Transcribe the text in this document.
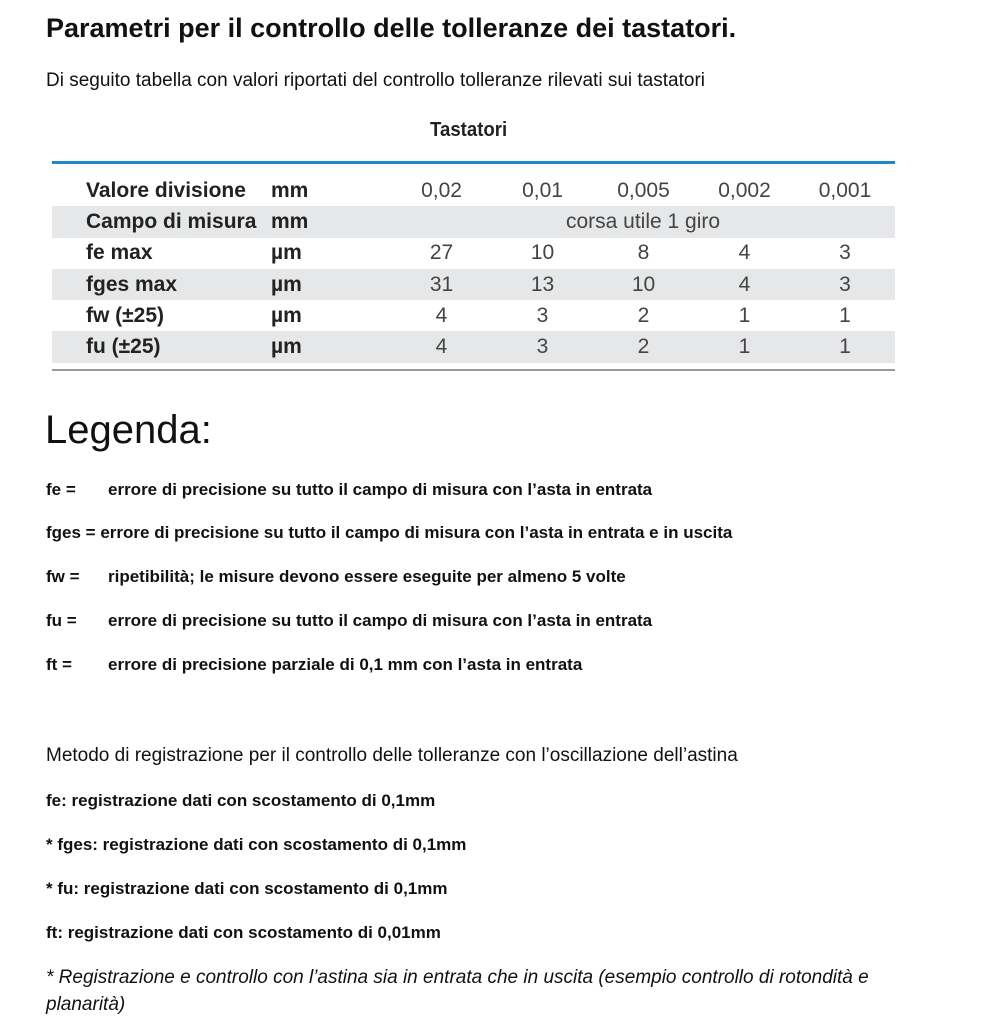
Parametri per il controllo delle tolleranze dei tastatori.
Di seguito tabella con valori riportati del controllo tolleranze rilevati sui tastatori
Tastatori
Valore divisione	mm	0,02	0,01	0,005	0,002	0,001
Campo di misura	mm	corsa utile 1 giro				
fe max	µm	27	10	8	4	3
fges max	µm	31	13	10	4	3
fw (±25)	µm	4	3	2	1	1
fu (±25)	µm	4	3	2	1	1
Legenda:
fe = errore di precisione su tutto il campo di misura con l’asta in entrata
fges = errore di precisione su tutto il campo di misura con l’asta in entrata e in uscita
fw = ripetibilità; le misure devono essere eseguite per almeno 5 volte
fu = errore di precisione su tutto il campo di misura con l’asta in entrata
ft = errore di precisione parziale di 0,1 mm con l’asta in entrata
Metodo di registrazione per il controllo delle tolleranze con l’oscillazione dell’astina
fe: registrazione dati con scostamento di 0,1mm
* fges: registrazione dati con scostamento di 0,1mm
* fu: registrazione dati con scostamento di 0,1mm
ft: registrazione dati con scostamento di 0,01mm
* Registrazione e controllo con l’astina sia in entrata che in uscita (esempio controllo di rotondità e planarità)
